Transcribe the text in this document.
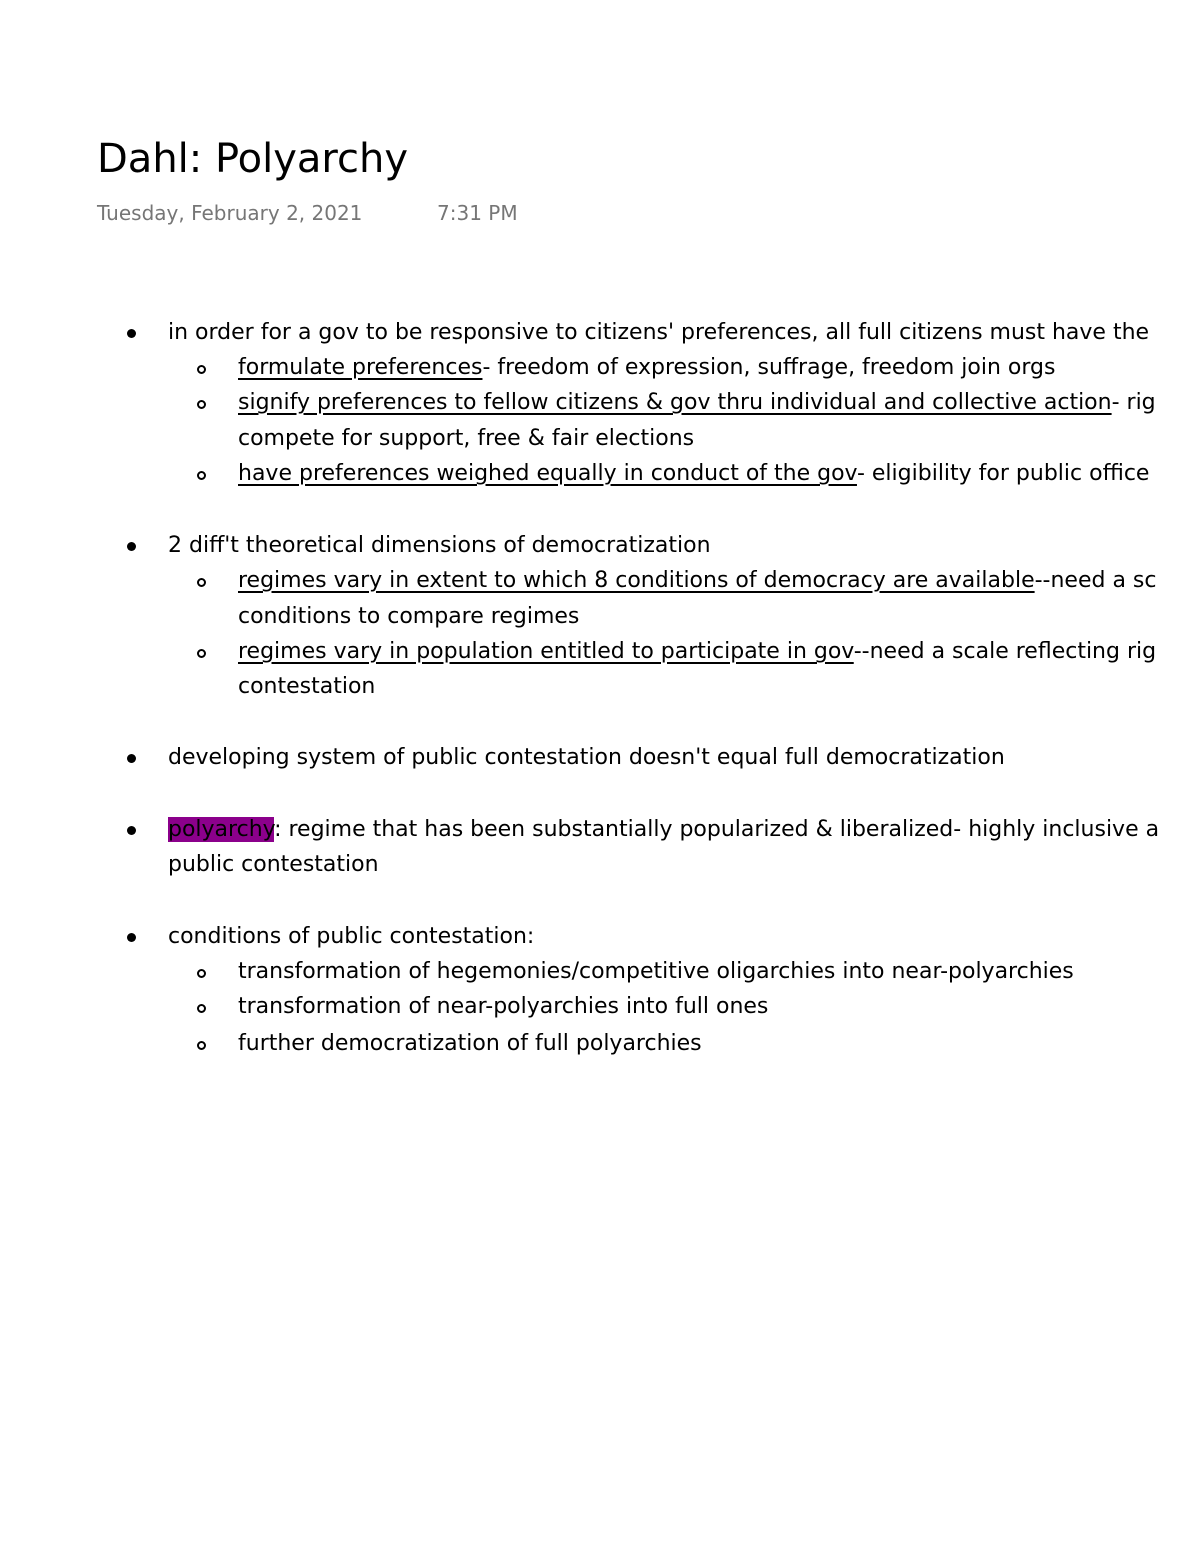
Dahl: Polyarchy
Tuesday, February 2, 2021	7:31 PM
in order for a gov to be responsive to citizens' preferences, all full citizens must have the
formulate preferences- freedom of expression, suffrage, freedom join orgs
signify preferences to fellow citizens & gov thru individual and collective action- rig
compete for support, free & fair elections
have preferences weighed equally in conduct of the gov- eligibility for public office
2 diff't theoretical dimensions of democratization
regimes vary in extent to which 8 conditions of democracy are available--need a sc
conditions to compare regimes
regimes vary in population entitled to participate in gov--need a scale reflecting rig
contestation
developing system of public contestation doesn't equal full democratization
polyarchy: regime that has been substantially popularized & liberalized- highly inclusive a
public contestation
conditions of public contestation:
transformation of hegemonies/competitive oligarchies into near-polyarchies
transformation of near-polyarchies into full ones
further democratization of full polyarchies
